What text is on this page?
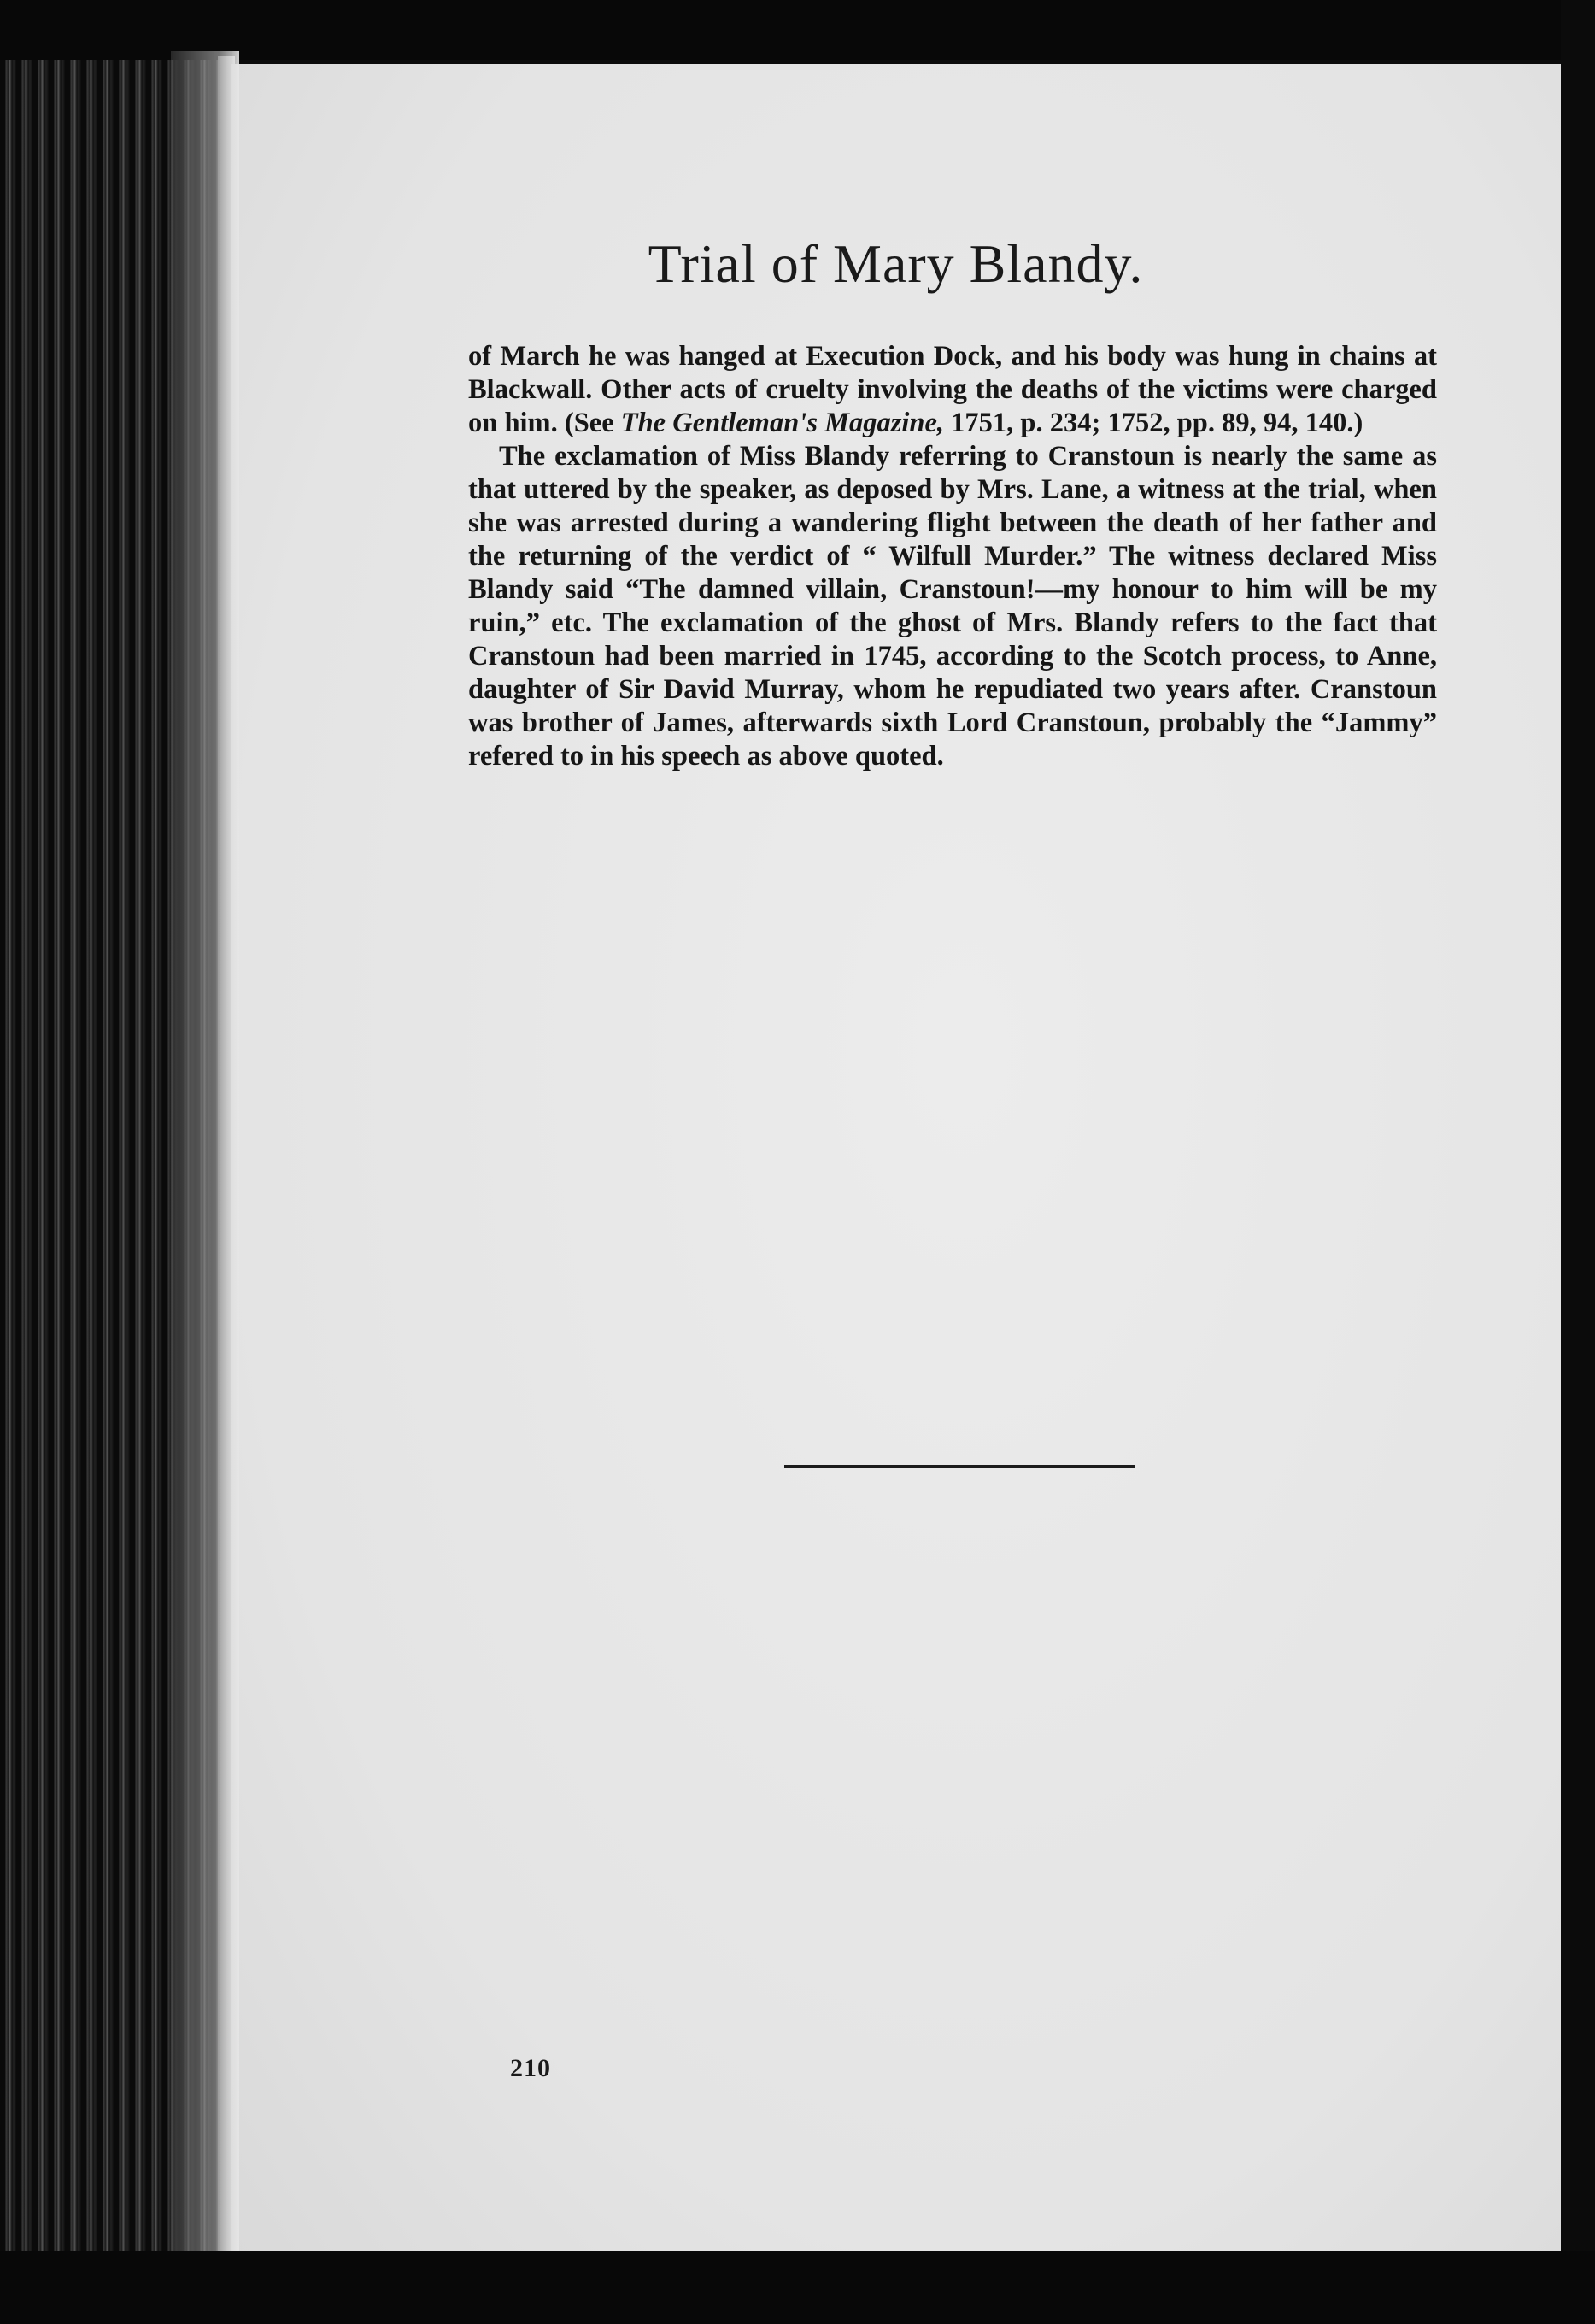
Trial of Mary Blandy.

of March he was hanged at Execution Dock, and his body was hung in chains at Blackwall. Other acts of cruelty involving the deaths of the victims were charged on him. (See The Gentleman's Magazine, 1751, p. 234; 1752, pp. 89, 94, 140.)

The exclamation of Miss Blandy referring to Cranstoun is nearly the same as that uttered by the speaker, as deposed by Mrs. Lane, a witness at the trial, when she was arrested during a wandering flight between the death of her father and the returning of the verdict of “ Wilfull Murder.” The witness declared Miss Blandy said “The damned villain, Cranstoun!—my honour to him will be my ruin,” etc. The exclamation of the ghost of Mrs. Blandy refers to the fact that Cranstoun had been married in 1745, according to the Scotch process, to Anne, daughter of Sir David Murray, whom he repudiated two years after. Cranstoun was brother of James, afterwards sixth Lord Cranstoun, probably the “Jammy” refered to in his speech as above quoted.

210
